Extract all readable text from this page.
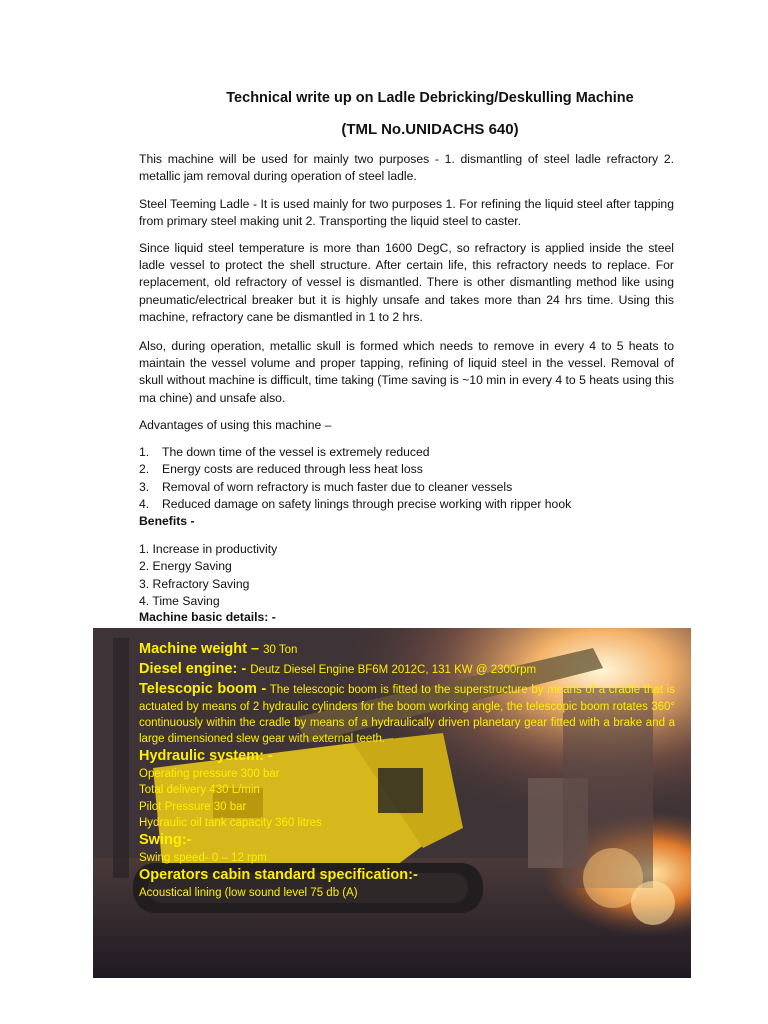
Technical write up on Ladle Debricking/Deskulling Machine
(TML No.UNIDACHS 640)

This machine will be used for mainly two purposes - 1. dismantling of steel ladle refractory 2. metallic jam removal during operation of steel ladle.

Steel Teeming Ladle - It is used mainly for two purposes 1. For refining the liquid steel after tapping from primary steel making unit 2. Transporting the liquid steel to caster.

Since liquid steel temperature is more than 1600 DegC, so refractory is applied inside the steel ladle vessel to protect the shell structure. After certain life, this refractory needs to replace. For replacement, old refractory of vessel is dismantled. There is other dismantling method like using pneumatic/electrical breaker but it is highly unsafe and takes more than 24 hrs time. Using this machine, refractory cane be dismantled in 1 to 2 hrs.

Also, during operation, metallic skull is formed which needs to remove in every 4 to 5 heats to maintain the vessel volume and proper tapping, refining of liquid steel in the vessel. Removal of skull without machine is difficult, time taking (Time saving is ~10 min in every 4 to 5 heats using this ma chine) and unsafe also.

Advantages of using this machine –

1.	The down time of the vessel is extremely reduced
2.	Energy costs are reduced through less heat loss
3.	Removal of worn refractory is much faster due to cleaner vessels
4.	Reduced damage on safety linings through precise working with ripper hook

Benefits -

1. Increase in productivity
2. Energy Saving
3. Refractory Saving
4. Time Saving

Machine basic details: -

Machine weight – 30 Ton

Diesel engine: - Deutz Diesel Engine BF6M 2012C, 131 KW @ 2300rpm

Telescopic boom - The telescopic boom is fitted to the superstructure by means of a cradle that is actuated by means of 2 hydraulic cylinders for the boom working angle, the telescopic boom rotates 360° continuously within the cradle by means of a hydraulically driven planetary gear fitted with a brake and a large dimensioned slew gear with external teeth.

Hydraulic system: -

Operating pressure 300 bar

Total delivery 430 L/min

Pilot Pressure 30 bar

Hydraulic oil tank capacity 360 litres

Swing:-

Swing speed- 0 – 12 rpm

Operators cabin standard specification:-

Acoustical lining (low sound level 75 db (A)
